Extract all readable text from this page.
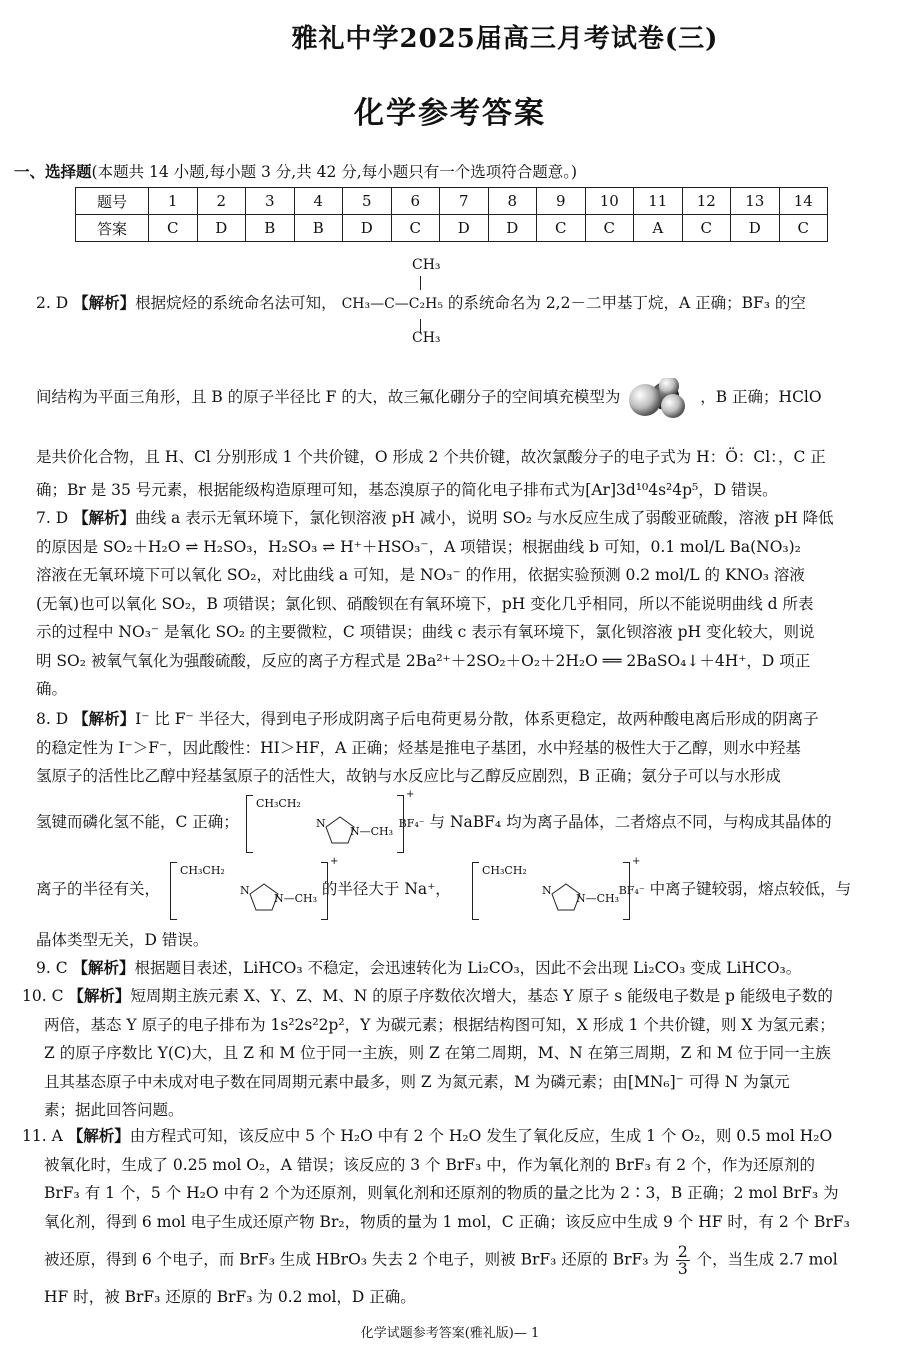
雅礼中学2025届高三月考试卷(三)
化学参考答案
一、选择题(本题共 14 小题,每小题 3 分,共 42 分,每小题只有一个选项符合题意。)
题号	1	2	3	4	5	6	7	8	9	10	11	12	13	14
答案	C	D	B	B	D	C	D	D	C	C	A	C	D	C
CH₃
CH₃
2. D 【解析】根据烷烃的系统命名法可知， CH₃—C—C₂H₅ 的系统命名为 2,2－二甲基丁烷，A 正确；BF₃ 的空
间结构为平面三角形，且 B 的原子半径比 F 的大，故三氟化硼分子的空间填充模型为	，B 正确；HClO
是共价化合物，且 H、Cl 分别形成 1 个共价键，O 形成 2 个共价键，故次氯酸分子的电子式为 H：Ö：Cl：，C 正
确；Br 是 35 号元素，根据能级构造原理可知，基态溴原子的简化电子排布式为[Ar]3d¹⁰4s²4p⁵，D 错误。
7. D 【解析】曲线 a 表示无氧环境下，氯化钡溶液 pH 减小，说明 SO₂ 与水反应生成了弱酸亚硫酸，溶液 pH 降低
的原因是 SO₂＋H₂O ⇌ H₂SO₃，H₂SO₃ ⇌ H⁺＋HSO₃⁻，A 项错误；根据曲线 b 可知，0.1 mol/L Ba(NO₃)₂
溶液在无氧环境下可以氧化 SO₂，对比曲线 a 可知，是 NO₃⁻ 的作用，依据实验预测 0.2 mol/L 的 KNO₃ 溶液
(无氧)也可以氧化 SO₂，B 项错误；氯化钡、硝酸钡在有氧环境下，pH 变化几乎相同，所以不能说明曲线 d 所表
示的过程中 NO₃⁻ 是氧化 SO₂ 的主要微粒，C 项错误；曲线 c 表示有氧环境下，氯化钡溶液 pH 变化较大，则说
明 SO₂ 被氧气氧化为强酸硫酸，反应的离子方程式是 2Ba²⁺＋2SO₂＋O₂＋2H₂O ══ 2BaSO₄↓＋4H⁺，D 项正
确。
8. D 【解析】I⁻ 比 F⁻ 半径大，得到电子形成阴离子后电荷更易分散，体系更稳定，故两种酸电离后形成的阴离子
的稳定性为 I⁻＞F⁻，因此酸性：HI＞HF，A 正确；烃基是推电子基团，水中羟基的极性大于乙醇，则水中羟基
氢原子的活性比乙醇中羟基氢原子的活性大，故钠与水反应比与乙醇反应剧烈，B 正确；氨分子可以与水形成
氢键而磷化氢不能，C 正确；	BF₄⁻ 与 NaBF₄ 均为离子晶体，二者熔点不同，与构成其晶体的
CH₃CH₂
N
N—CH₃
+
离子的半径有关，	的半径大于 Na⁺，	BF₄⁻ 中离子键较弱，熔点较低，与
CH₃CH₂
N
N—CH₃
+
CH₃CH₂
N
N—CH₃
+
晶体类型无关，D 错误。
9. C 【解析】根据题目表述，LiHCO₃ 不稳定，会迅速转化为 Li₂CO₃，因此不会出现 Li₂CO₃ 变成 LiHCO₃。
10. C 【解析】短周期主族元素 X、Y、Z、M、N 的原子序数依次增大，基态 Y 原子 s 能级电子数是 p 能级电子数的
两倍，基态 Y 原子的电子排布为 1s²2s²2p²，Y 为碳元素；根据结构图可知，X 形成 1 个共价键，则 X 为氢元素；
Z 的原子序数比 Y(C)大，且 Z 和 M 位于同一主族，则 Z 在第二周期，M、N 在第三周期，Z 和 M 位于同一主族
且其基态原子中未成对电子数在同周期元素中最多，则 Z 为氮元素，M 为磷元素；由[MN₆]⁻ 可得 N 为氯元
素；据此回答问题。
11. A 【解析】由方程式可知，该反应中 5 个 H₂O 中有 2 个 H₂O 发生了氧化反应，生成 1 个 O₂，则 0.5 mol H₂O
被氧化时，生成了 0.25 mol O₂，A 错误；该反应的 3 个 BrF₃ 中，作为氧化剂的 BrF₃ 有 2 个，作为还原剂的
BrF₃ 有 1 个，5 个 H₂O 中有 2 个为还原剂，则氧化剂和还原剂的物质的量之比为 2∶3，B 正确；2 mol BrF₃ 为
氧化剂，得到 6 mol 电子生成还原产物 Br₂，物质的量为 1 mol，C 正确；该反应中生成 9 个 HF 时，有 2 个 BrF₃
被还原，得到 6 个电子，而 BrF₃ 生成 HBrO₃ 失去 2 个电子，则被 BrF₃ 还原的 BrF₃ 为 $\frac{2}{3}$ 个，当生成 2.7 mol
HF 时，被 BrF₃ 还原的 BrF₃ 为 0.2 mol，D 正确。
化学试题参考答案(雅礼版)— 1
